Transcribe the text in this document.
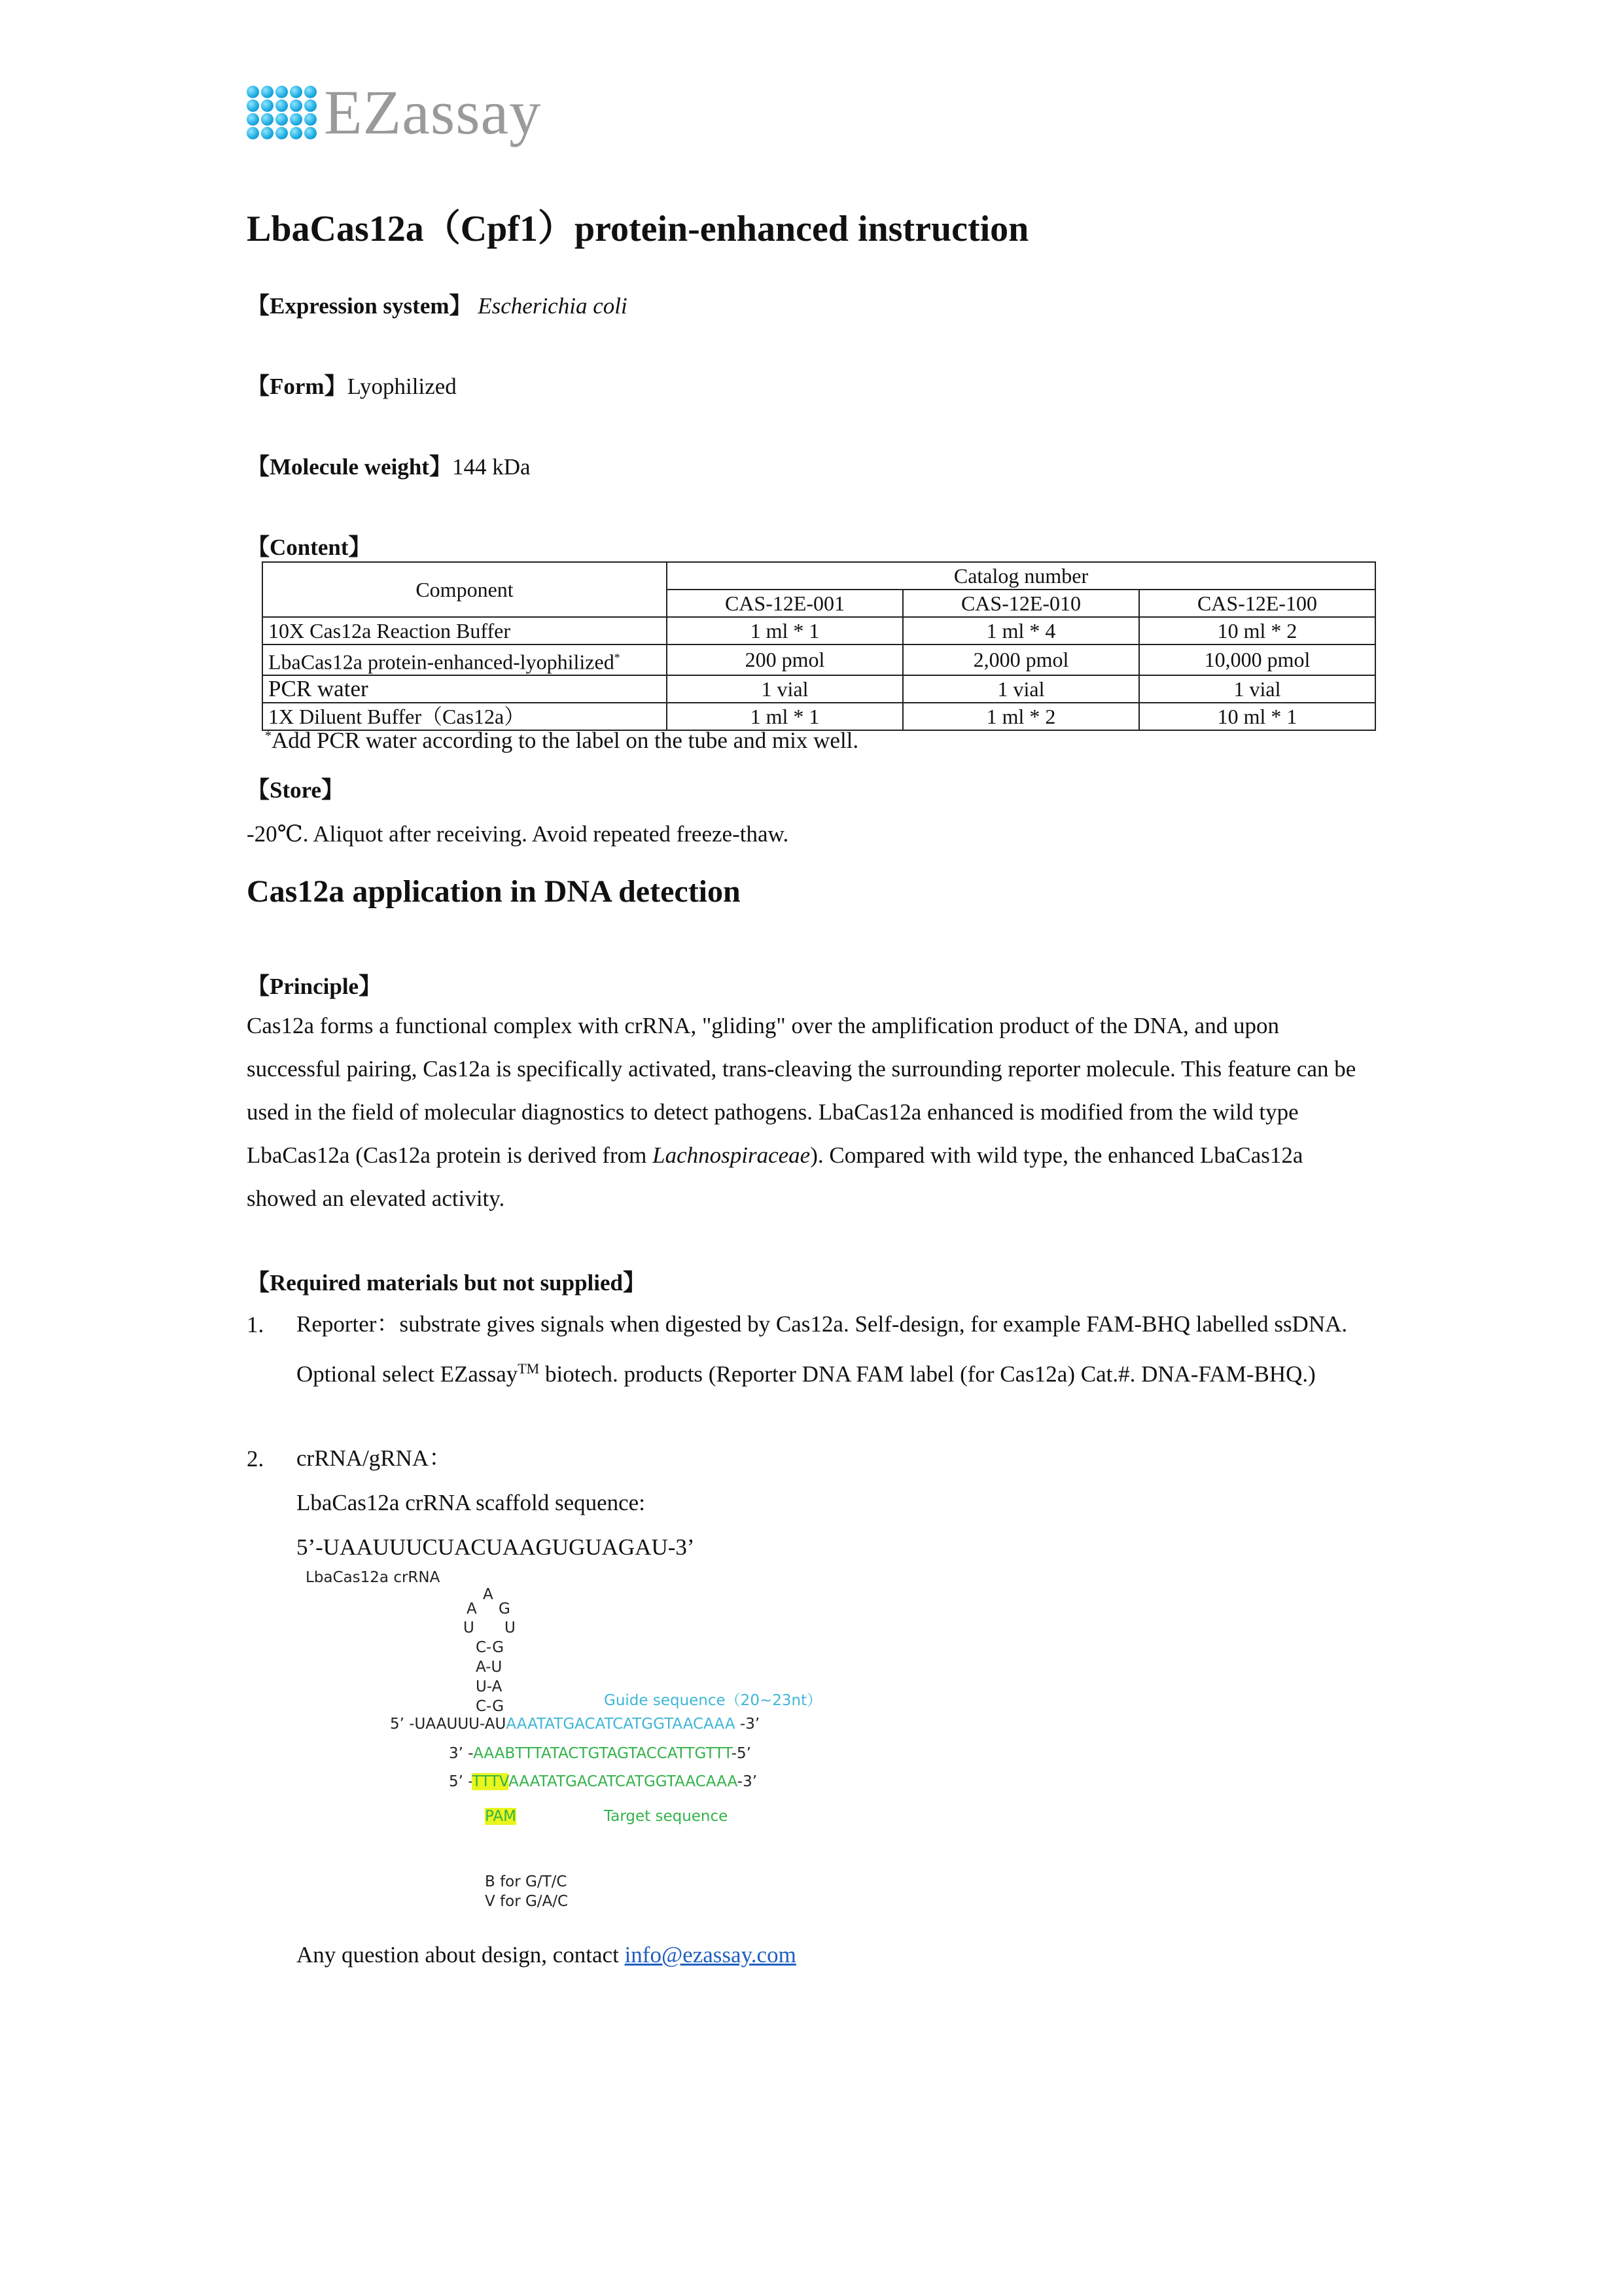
EZassay
LbaCas12a（Cpf1）protein-enhanced instruction
【Expression system】 Escherichia coli
【Form】Lyophilized
【Molecule weight】144 kDa
【Content】
Component	Catalog number		
	CAS-12E-001	CAS-12E-010	CAS-12E-100
10X Cas12a Reaction Buffer	1 ml * 1	1 ml * 4	10 ml * 2
LbaCas12a protein-enhanced-lyophilized*	200 pmol	2,000 pmol	10,000 pmol
PCR water	1 vial	1 vial	1 vial
1X Diluent Buffer（Cas12a）	1 ml * 1	1 ml * 2	10 ml * 1
*Add PCR water according to the label on the tube and mix well.
【Store】
-20℃. Aliquot after receiving. Avoid repeated freeze-thaw.
Cas12a application in DNA detection
【Principle】
Cas12a forms a functional complex with crRNA, "gliding" over the amplification product of the DNA, and upon successful pairing, Cas12a is specifically activated, trans-cleaving the surrounding reporter molecule. This feature can be used in the field of molecular diagnostics to detect pathogens. LbaCas12a enhanced is modified from the wild type LbaCas12a (Cas12a protein is derived from Lachnospiraceae). Compared with wild type, the enhanced LbaCas12a showed an elevated activity.
【Required materials but not supplied】
1. Reporter：substrate gives signals when digested by Cas12a. Self-design, for example FAM-BHQ labelled ssDNA. Optional select EZassay™ biotech. products (Reporter DNA FAM label (for Cas12a) Cat.#. DNA-FAM-BHQ.)
2. crRNA/gRNA：
LbaCas12a crRNA scaffold sequence:
5’-UAAUUUCUACUAAGUGUAGAU-3’
LbaCas12a crRNA
A
A G
U U
C-G
A-U
U-A
C-G	Guide sequence（20~23nt）
5’ -UAAUUU-AUAAATATGACATCATGGTAACAAA -3’
3’ -AAABTTTATACTGTAGTACCATTGTTT-5’
5’ -TTTVAAATATGACATCATGGTAACAAA-3’
PAM	Target sequence
B for G/T/C
V for G/A/C
Any question about design, contact info@ezassay.com
